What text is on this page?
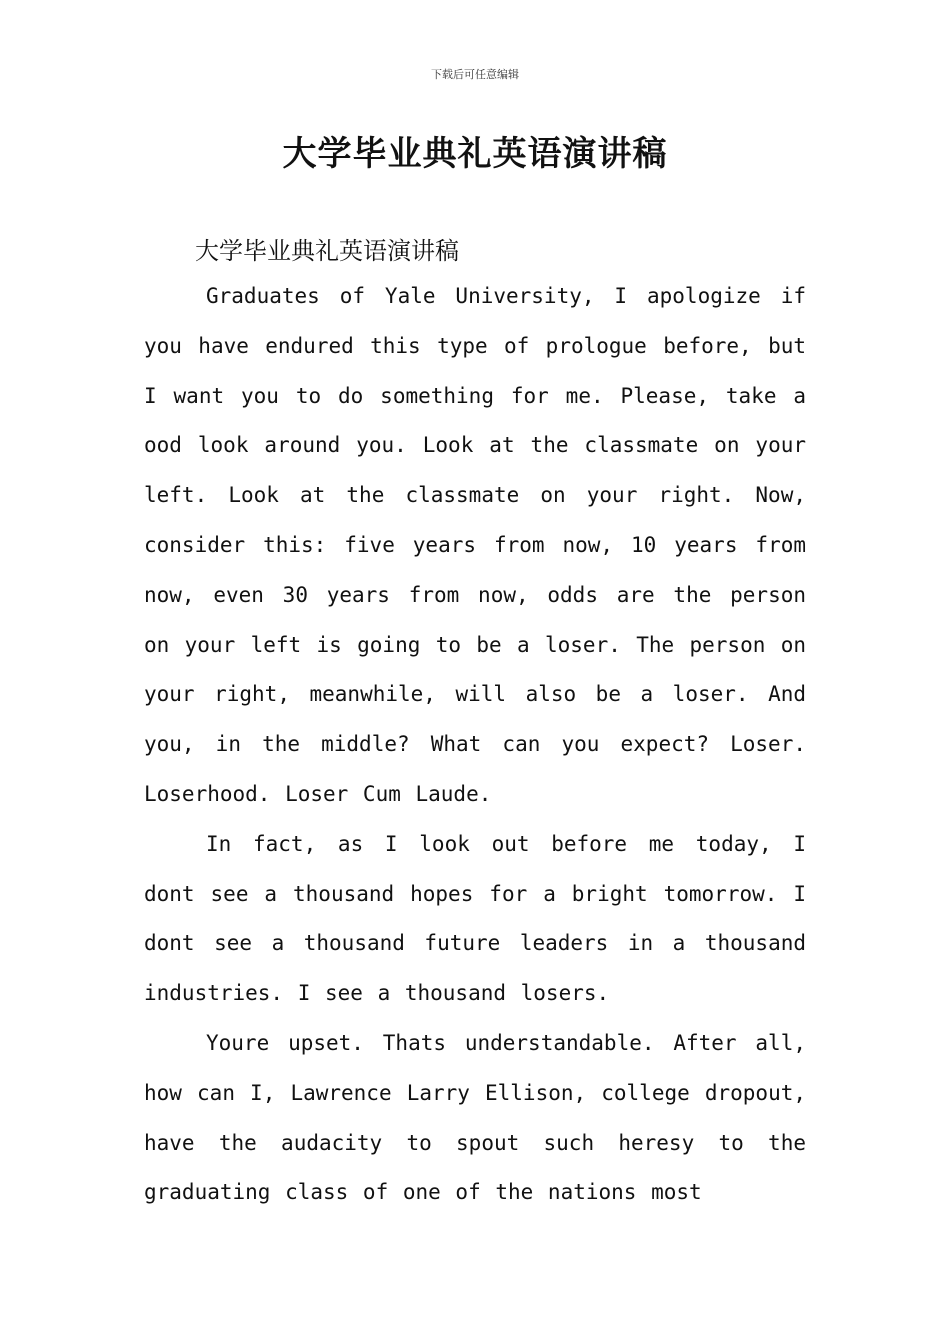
下载后可任意编辑
大学毕业典礼英语演讲稿

大学毕业典礼英语演讲稿

Graduates of Yale University, I apologize if you have endured this type of prologue before, but I want you to do something for me. Please, take a ood look around you. Look at the classmate on your left. Look at the classmate on your right. Now, consider this: five years from now, 10 years from now, even 30 years from now, odds are the person on your left is going to be a loser. The person on your right, meanwhile, will also be a loser. And you, in the middle? What can you expect? Loser. Loserhood. Loser Cum Laude.

In fact, as I look out before me today, I dont see a thousand hopes for a bright tomorrow. I dont see a thousand future leaders in a thousand industries. I see a thousand losers.

Youre upset. Thats understandable. After all, how can I, Lawrence Larry Ellison, college dropout, have the audacity to spout such heresy to the graduating class of one of the nations most
